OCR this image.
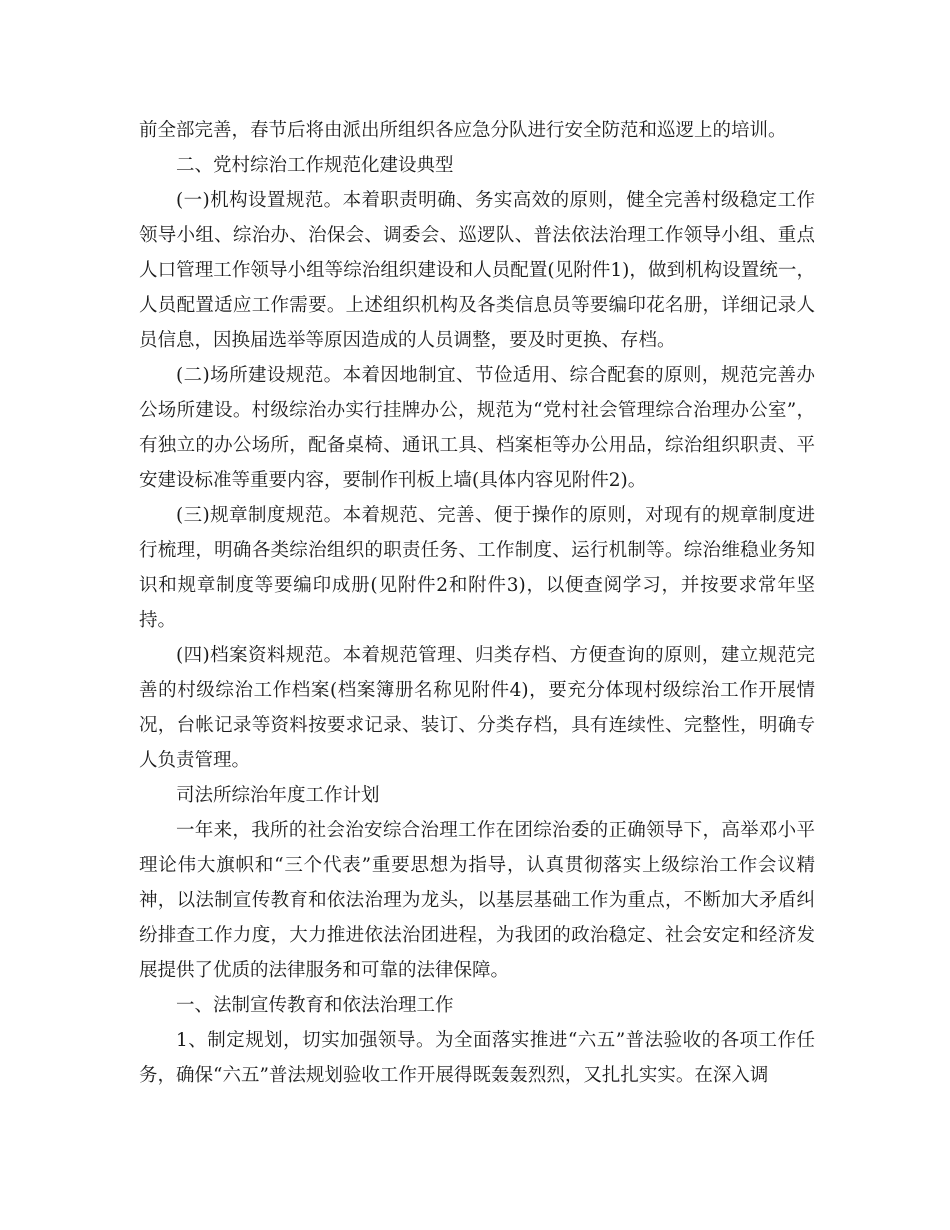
前全部完善，春节后将由派出所组织各应急分队进行安全防范和巡逻上的培训。

二、党村综治工作规范化建设典型

(一)机构设置规范。本着职责明确、务实高效的原则，健全完善村级稳定工作领导小组、综治办、治保会、调委会、巡逻队、普法依法治理工作领导小组、重点人口管理工作领导小组等综治组织建设和人员配置(见附件1)，做到机构设置统一，人员配置适应工作需要。上述组织机构及各类信息员等要编印花名册，详细记录人员信息，因换届选举等原因造成的人员调整，要及时更换、存档。

(二)场所建设规范。本着因地制宜、节俭适用、综合配套的原则，规范完善办公场所建设。村级综治办实行挂牌办公，规范为“党村社会管理综合治理办公室”，有独立的办公场所，配备桌椅、通讯工具、档案柜等办公用品，综治组织职责、平安建设标准等重要内容，要制作刊板上墙(具体内容见附件2)。

(三)规章制度规范。本着规范、完善、便于操作的原则，对现有的规章制度进行梳理，明确各类综治组织的职责任务、工作制度、运行机制等。综治维稳业务知识和规章制度等要编印成册(见附件2和附件3)，以便查阅学习，并按要求常年坚持。

(四)档案资料规范。本着规范管理、归类存档、方便查询的原则，建立规范完善的村级综治工作档案(档案簿册名称见附件4)，要充分体现村级综治工作开展情况，台帐记录等资料按要求记录、装订、分类存档，具有连续性、完整性，明确专人负责管理。

司法所综治年度工作计划

一年来，我所的社会治安综合治理工作在团综治委的正确领导下，高举邓小平理论伟大旗帜和“三个代表”重要思想为指导，认真贯彻落实上级综治工作会议精神，以法制宣传教育和依法治理为龙头，以基层基础工作为重点，不断加大矛盾纠纷排查工作力度，大力推进依法治团进程，为我团的政治稳定、社会安定和经济发展提供了优质的法律服务和可靠的法律保障。

一、法制宣传教育和依法治理工作

1、制定规划，切实加强领导。为全面落实推进“六五”普法验收的各项工作任务，确保“六五”普法规划验收工作开展得既轰轰烈烈，又扎扎实实。在深入调
